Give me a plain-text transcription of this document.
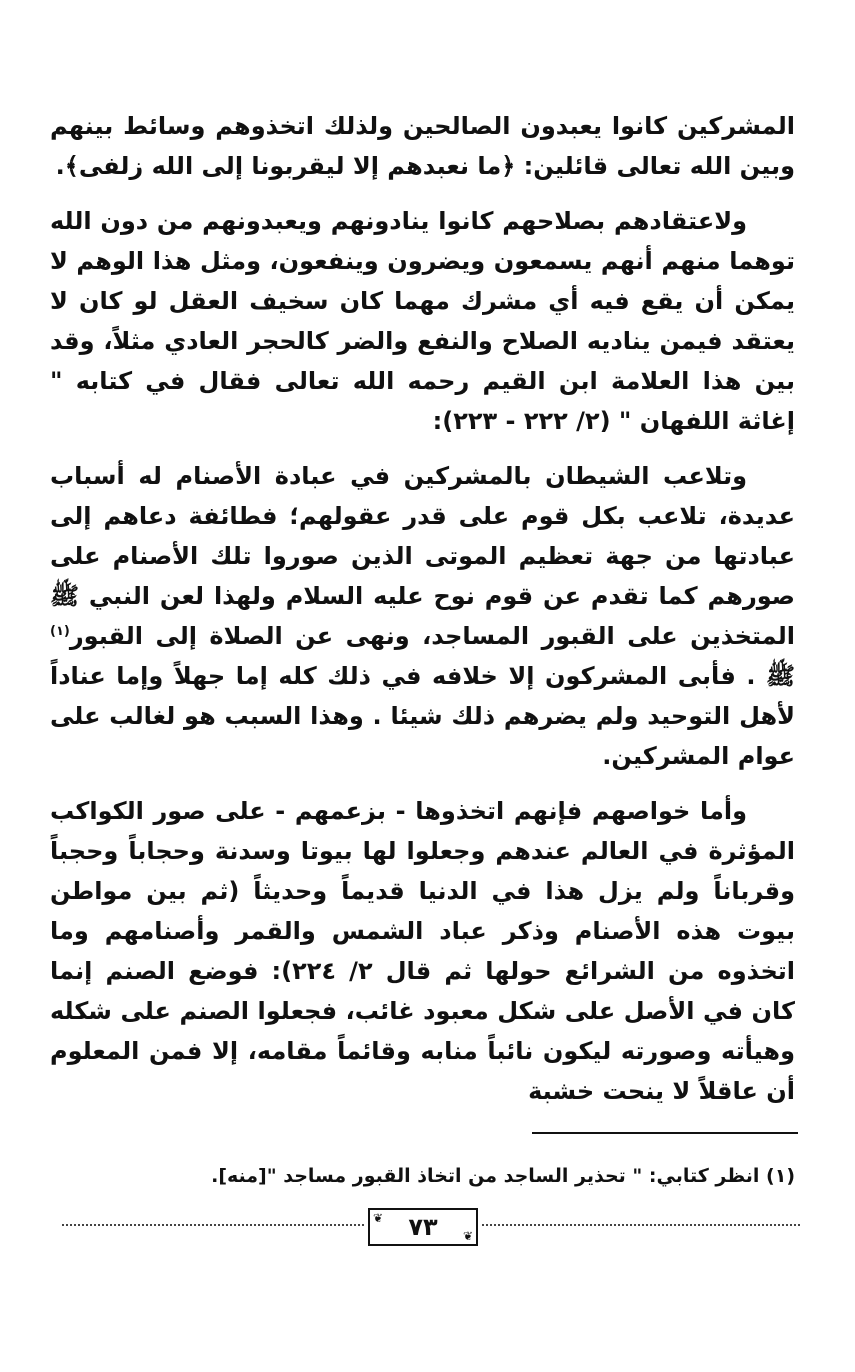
المشركين كانوا يعبدون الصالحين ولذلك اتخذوهم وسائط بينهم وبين الله تعالى قائلين: ﴿ما نعبدهم إلا ليقربونا إلى الله زلفى﴾.

ولاعتقادهم بصلاحهم كانوا ينادونهم ويعبدونهم من دون الله توهما منهم أنهم يسمعون ويضرون وينفعون، ومثل هذا الوهم لا يمكن أن يقع فيه أي مشرك مهما كان سخيف العقل لو كان لا يعتقد فيمن يناديه الصلاح والنفع والضر كالحجر العادي مثلاً، وقد بين هذا العلامة ابن القيم رحمه الله تعالى فقال في كتابه " إغاثة اللفهان " (٢/ ٢٢٢ - ٢٢٣):

وتلاعب الشيطان بالمشركين في عبادة الأصنام له أسباب عديدة، تلاعب بكل قوم على قدر عقولهم؛ فطائفة دعاهم إلى عبادتها من جهة تعظيم الموتى الذين صوروا تلك الأصنام على صورهم كما تقدم عن قوم نوح عليه السلام ولهذا لعن النبي ﷺ المتخذين على القبور المساجد، ونهى عن الصلاة إلى القبور$^{(١)}$ ﷺ . فأبى المشركون إلا خلافه في ذلك كله إما جهلاً وإما عناداً لأهل التوحيد ولم يضرهم ذلك شيئا . وهذا السبب هو لغالب على عوام المشركين.

وأما خواصهم فإنهم اتخذوها - بزعمهم - على صور الكواكب المؤثرة في العالم عندهم وجعلوا لها بيوتا وسدنة وحجاباً وحجباً وقرباناً ولم يزل هذا في الدنيا قديماً وحديثاً (ثم بين مواطن بيوت هذه الأصنام وذكر عباد الشمس والقمر وأصنامهم وما اتخذوه من الشرائع حولها ثم قال ٢/ ٢٢٤): فوضع الصنم إنما كان في الأصل على شكل معبود غائب، فجعلوا الصنم على شكله وهيأته وصورته ليكون نائباً منابه وقائماً مقامه، إلا فمن المعلوم أن عاقلاً لا ينحت خشبة

(١) انظر كتابي: " تحذير الساجد من اتخاذ القبور مساجد "[منه].
❦ ٧٣ ❦
